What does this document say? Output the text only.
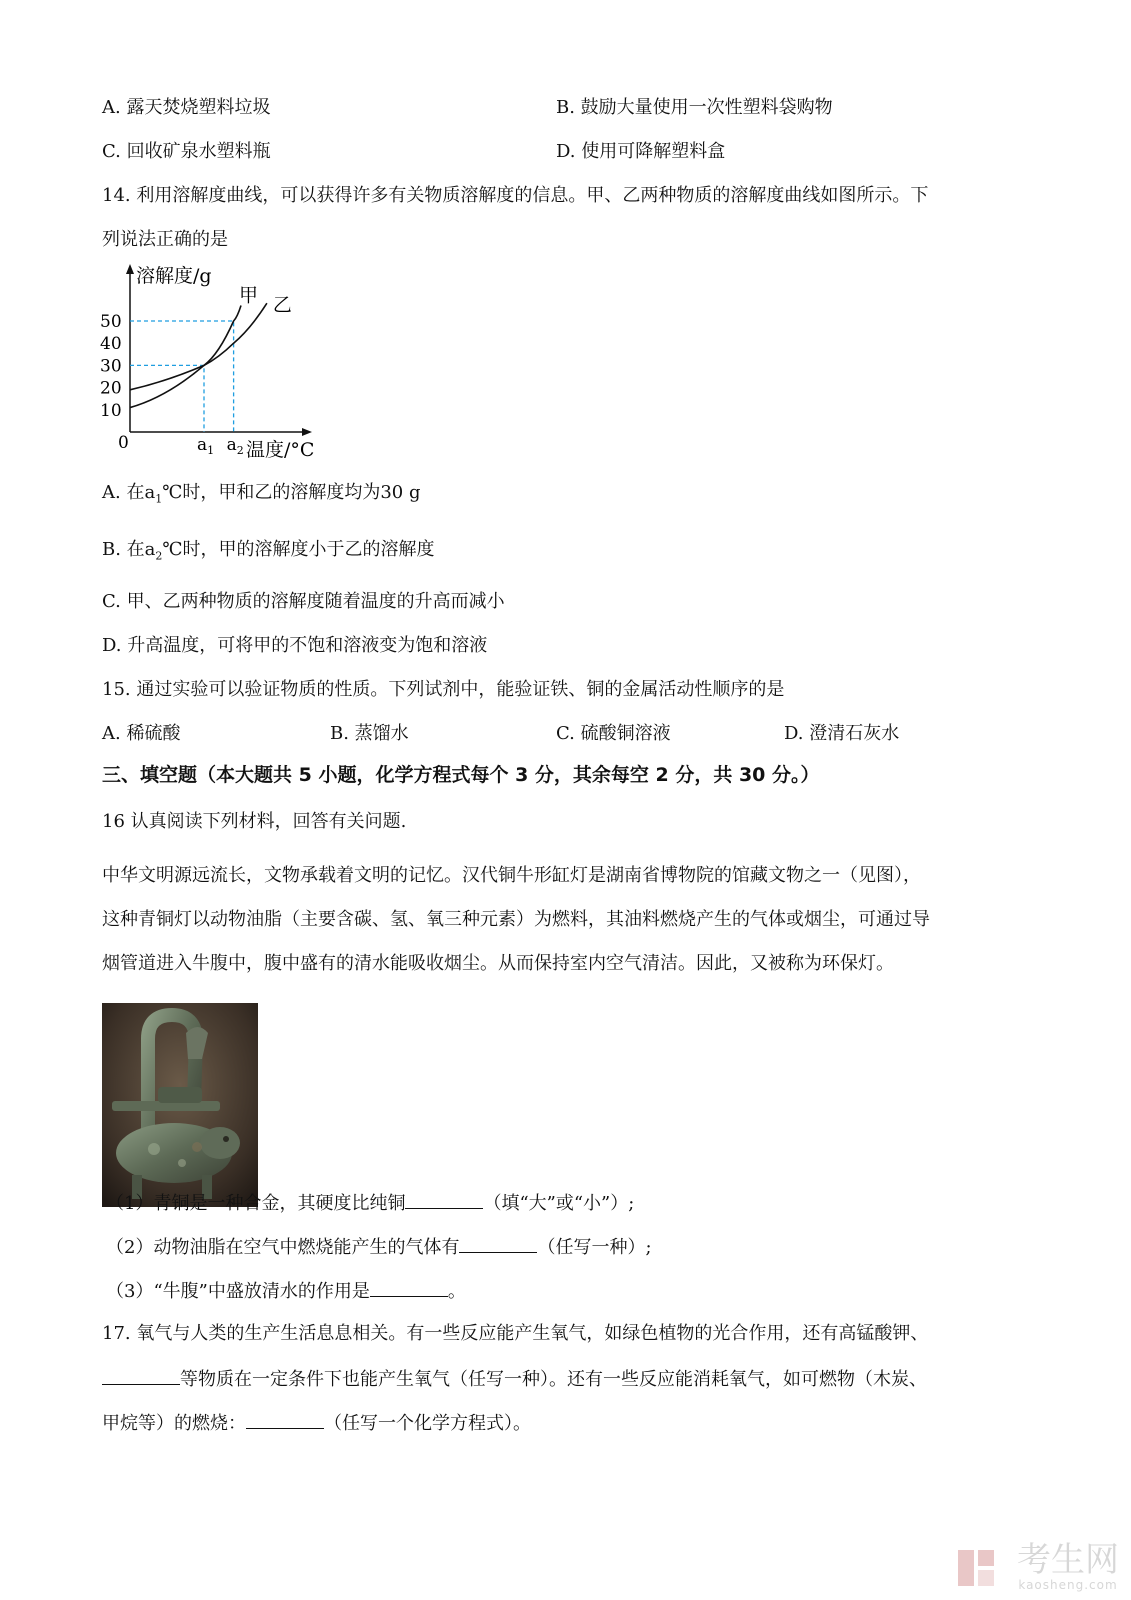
A. 露天焚烧塑料垃圾	B. 鼓励大量使用一次性塑料袋购物
C. 回收矿泉水塑料瓶	D. 使用可降解塑料盒
14. 利用溶解度曲线，可以获得许多有关物质溶解度的信息。甲、乙两种物质的溶解度曲线如图所示。下
列说法正确的是
甲 乙
50
40
30
20
10
$a_1$ $a_2$
溶解度/g
温度/°C
0
A. 在$a_1℃$时，甲和乙的溶解度均为30 g
B. 在$a_2℃$时，甲的溶解度小于乙的溶解度
C. 甲、乙两种物质的溶解度随着温度的升高而减小
D. 升高温度，可将甲的不饱和溶液变为饱和溶液
15. 通过实验可以验证物质的性质。下列试剂中，能验证铁、铜的金属活动性顺序的是
A. 稀硫酸	B. 蒸馏水	C. 硫酸铜溶液	D. 澄清石灰水
三、填空题（本大题共 5 小题，化学方程式每个 3 分，其余每空 2 分，共 30 分。）
16 认真阅读下列材料，回答有关问题.
中华文明源远流长，文物承载着文明的记忆。汉代铜牛形缸灯是湖南省博物院的馆藏文物之一（见图），
这种青铜灯以动物油脂（主要含碳、氢、氧三种元素）为燃料，其油料燃烧产生的气体或烟尘，可通过导
烟管道进入牛腹中，腹中盛有的清水能吸收烟尘。从而保持室内空气清洁。因此，又被称为环保灯。
（1）青铜是一种合金，其硬度比纯铜	（填“大”或“小”）;
（2）动物油脂在空气中燃烧能产生的气体有	（任写一种）;
（3）“牛腹”中盛放清水的作用是	。
17. 氧气与人类的生产生活息息相关。有一些反应能产生氧气，如绿色植物的光合作用，还有高锰酸钾、
等物质在一定条件下也能产生氧气（任写一种）。还有一些反应能消耗氧气，如可燃物（木炭、
甲烷等）的燃烧：	（任写一个化学方程式）。
考生网
kaosheng.com
